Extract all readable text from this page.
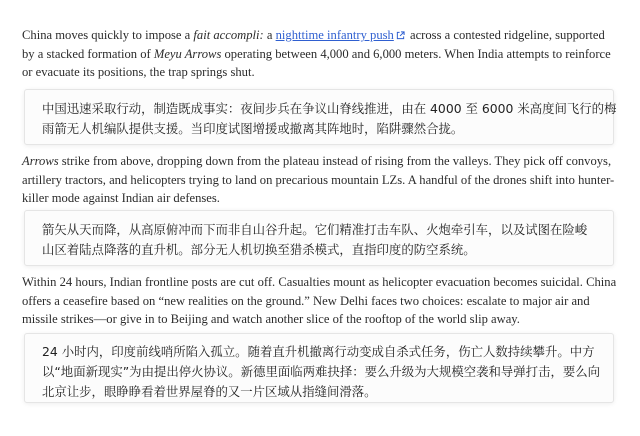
China moves quickly to impose a fait accompli: a nighttime infantry push across a contested ridgeline, supported by a stacked formation of Meyu Arrows operating between 4,000 and 6,000 meters. When India attempts to reinforce or evacuate its positions, the trap springs shut.

中国迅速采取行动，制造既成事实：夜间步兵在争议山脊线推进，由在 4000 至 6000 米高度间飞行的梅
雨箭无人机编队提供支援。当印度试图增援或撤离其阵地时，陷阱骤然合拢。

Arrows strike from above, dropping down from the plateau instead of rising from the valleys. They pick off convoys, artillery tractors, and helicopters trying to land on precarious mountain LZs. A handful of the drones shift into hunter-killer mode against Indian air defenses.

箭矢从天而降，从高原俯冲而下而非自山谷升起。它们精准打击车队、火炮牵引车，以及试图在险峻
山区着陆点降落的直升机。部分无人机切换至猎杀模式，直指印度的防空系统。

Within 24 hours, Indian frontline posts are cut off. Casualties mount as helicopter evacuation becomes suicidal. China offers a ceasefire based on “new realities on the ground.” New Delhi faces two choices: escalate to major air and missile strikes—or give in to Beijing and watch another slice of the rooftop of the world slip away.

24 小时内，印度前线哨所陷入孤立。随着直升机撤离行动变成自杀式任务，伤亡人数持续攀升。中方
以“地面新现实”为由提出停火协议。新德里面临两难抉择：要么升级为大规模空袭和导弹打击，要么向
北京让步，眼睁睁看着世界屋脊的又一片区域从指缝间滑落。
